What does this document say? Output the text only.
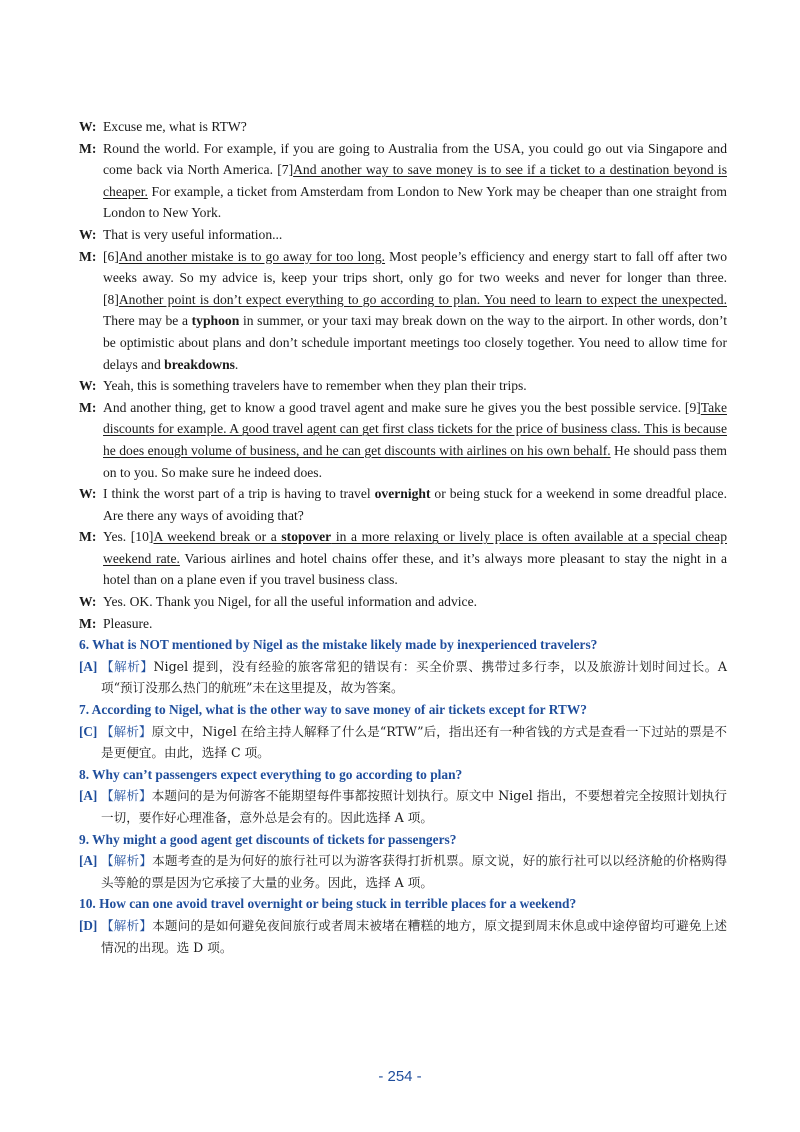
W: Excuse me, what is RTW?
M: Round the world. For example, if you are going to Australia from the USA, you could go out via Singapore and come back via North America. [7]And another way to save money is to see if a ticket to a destination beyond is cheaper. For example, a ticket from Amsterdam from London to New York may be cheaper than one straight from London to New York.
W: That is very useful information...
M: [6]And another mistake is to go away for too long. Most people’s efficiency and energy start to fall off after two weeks away. So my advice is, keep your trips short, only go for two weeks and never for longer than three. [8]Another point is don’t expect everything to go according to plan. You need to learn to expect the unexpected. There may be a typhoon in summer, or your taxi may break down on the way to the airport. In other words, don’t be optimistic about plans and don’t schedule important meetings too closely together. You need to allow time for delays and breakdowns.
W: Yeah, this is something travelers have to remember when they plan their trips.
M: And another thing, get to know a good travel agent and make sure he gives you the best possible service. [9]Take discounts for example. A good travel agent can get first class tickets for the price of business class. This is because he does enough volume of business, and he can get discounts with airlines on his own behalf. He should pass them on to you. So make sure he indeed does.
W: I think the worst part of a trip is having to travel overnight or being stuck for a weekend in some dreadful place. Are there any ways of avoiding that?
M: Yes. [10]A weekend break or a stopover in a more relaxing or lively place is often available at a special cheap weekend rate. Various airlines and hotel chains offer these, and it’s always more pleasant to stay the night in a hotel than on a plane even if you travel business class.
W: Yes. OK. Thank you Nigel, for all the useful information and advice.
M: Pleasure.
6. What is NOT mentioned by Nigel as the mistake likely made by inexperienced travelers?
[A] 【解析】Nigel 提到，没有经验的旅客常犯的错误有：买全价票、携带过多行李，以及旅游计划时间过长。A 项“预订没那么热门的航班”未在这里提及，故为答案。
7. According to Nigel, what is the other way to save money of air tickets except for RTW?
[C] 【解析】原文中，Nigel 在给主持人解释了什么是“RTW”后，指出还有一种省钱的方式是查看一下过站的票是不是更便宜。由此，选择 C 项。
8. Why can’t passengers expect everything to go according to plan?
[A] 【解析】本题问的是为何游客不能期望每件事都按照计划执行。原文中 Nigel 指出，不要想着完全按照计划执行一切，要作好心理准备，意外总是会有的。因此选择 A 项。
9. Why might a good agent get discounts of tickets for passengers?
[A] 【解析】本题考查的是为何好的旅行社可以为游客获得打折机票。原文说，好的旅行社可以以经济舱的价格购得头等舱的票是因为它承接了大量的业务。因此，选择 A 项。
10. How can one avoid travel overnight or being stuck in terrible places for a weekend?
[D] 【解析】本题问的是如何避免夜间旅行或者周末被堵在糟糕的地方，原文提到周末休息或中途停留均可避免上述情况的出现。选 D 项。
- 254 -
